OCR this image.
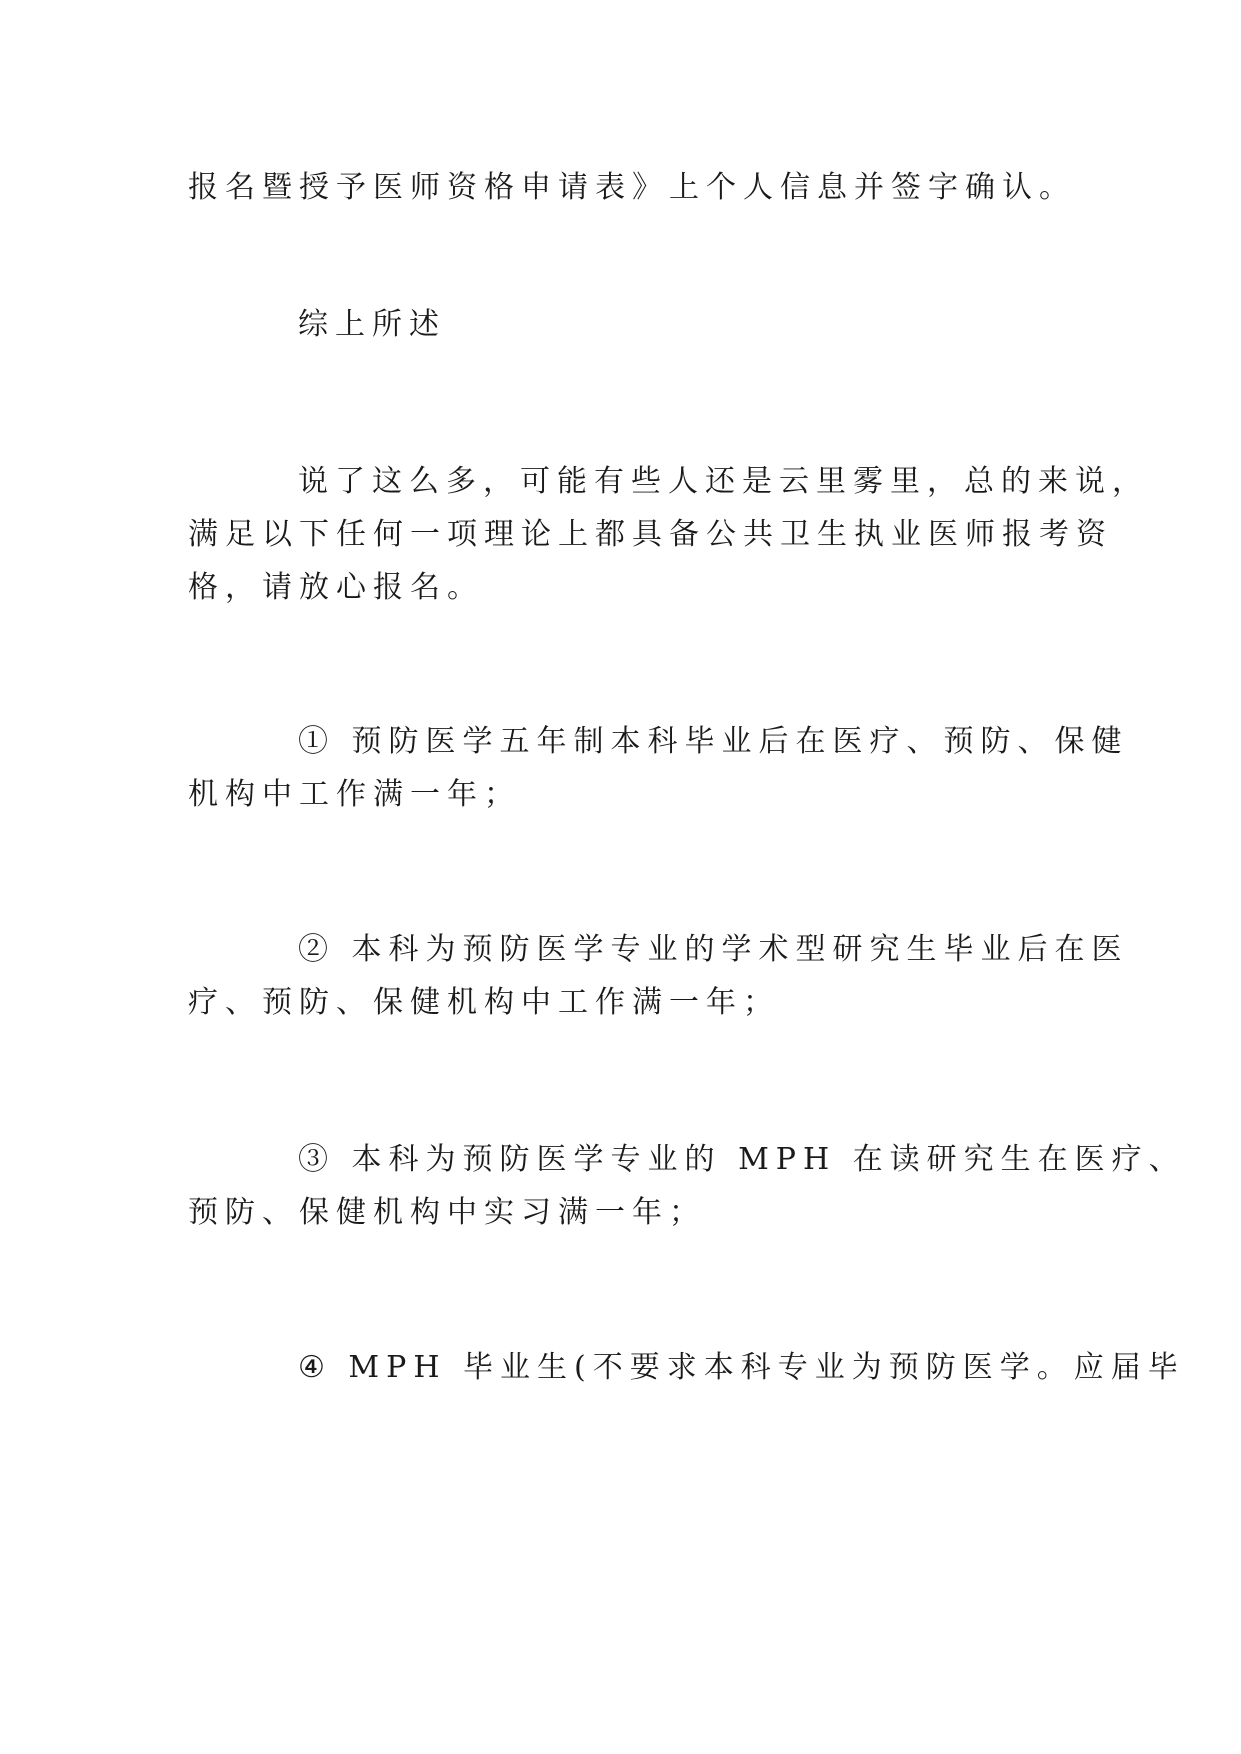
报名暨授予医师资格申请表》上个人信息并签字确认。
综上所述
说了这么多，可能有些人还是云里雾里，总的来说，
满足以下任何一项理论上都具备公共卫生执业医师报考资
格，请放心报名。
① 预防医学五年制本科毕业后在医疗、预防、保健
机构中工作满一年；
② 本科为预防医学专业的学术型研究生毕业后在医
疗、预防、保健机构中工作满一年；
③ 本科为预防医学专业的 MPH 在读研究生在医疗、
预防、保健机构中实习满一年；
④ MPH 毕业生(不要求本科专业为预防医学。应届毕
